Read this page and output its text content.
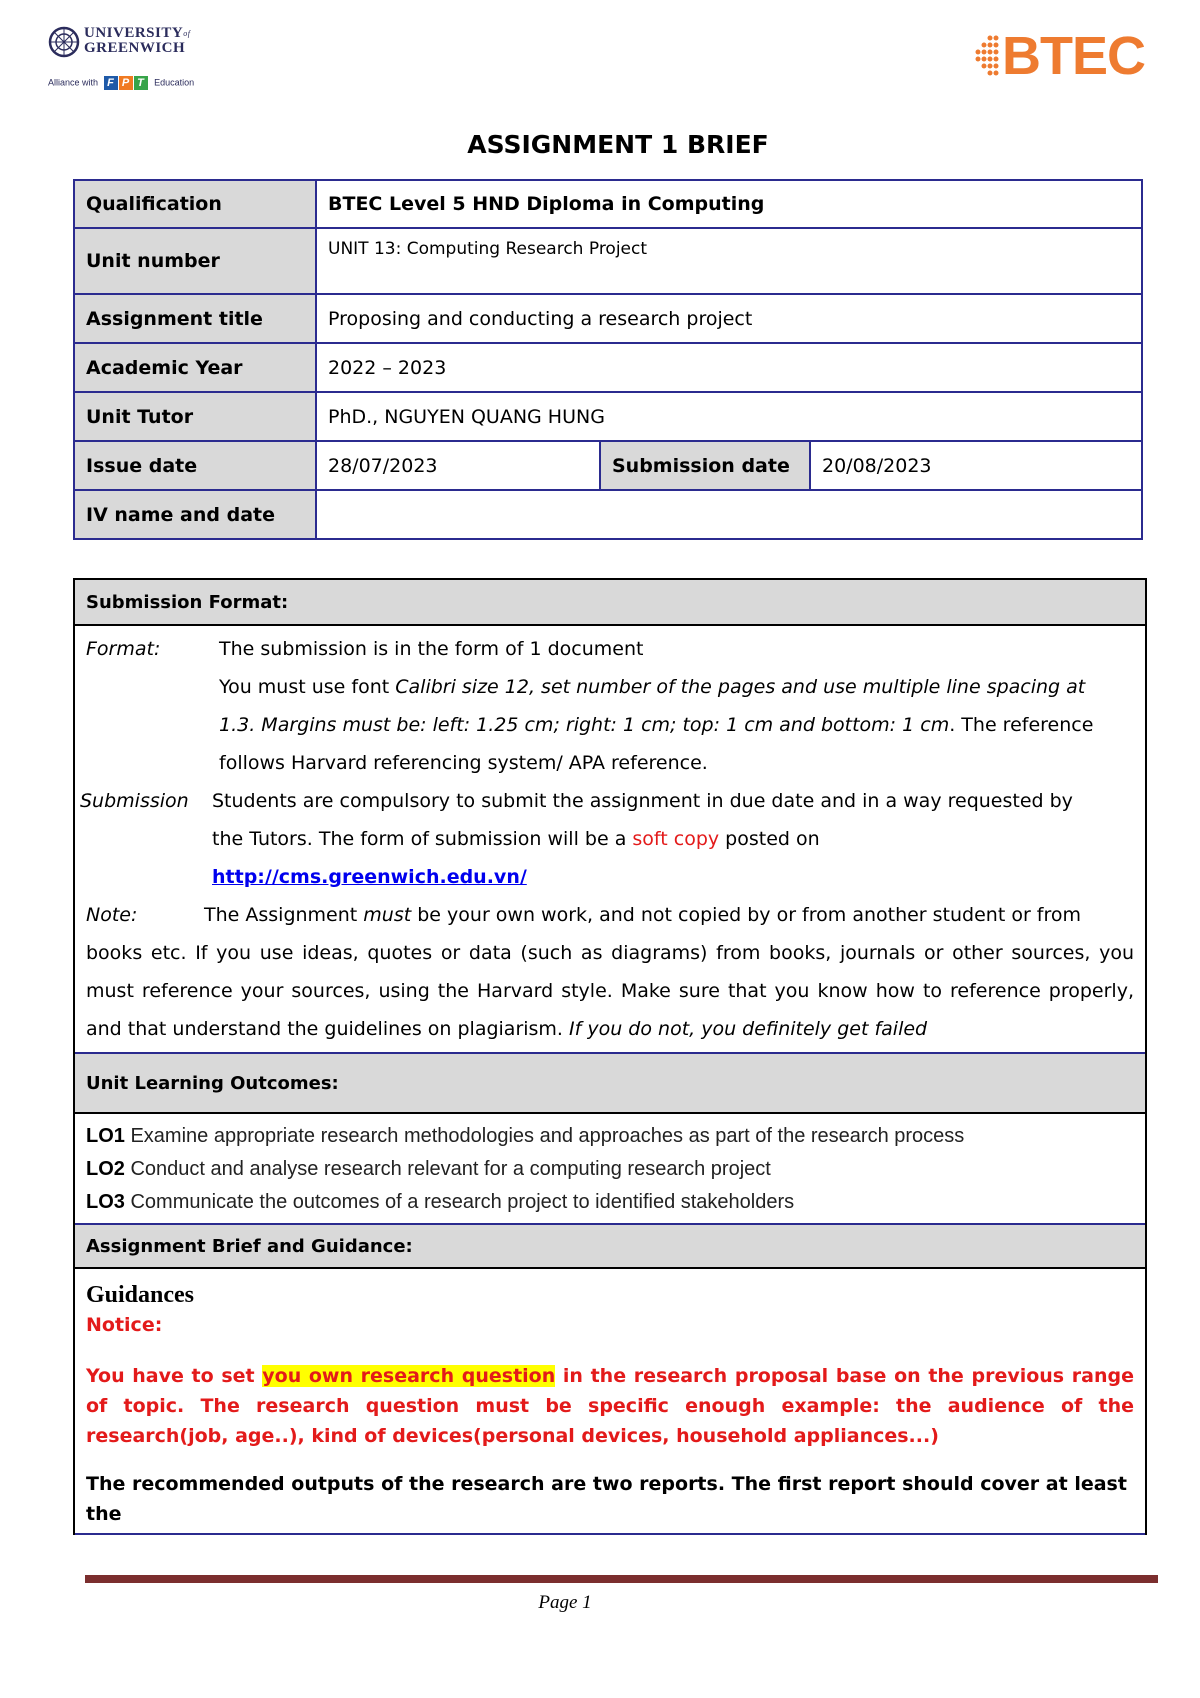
$UNIVERSITY^{of}$
GREENWICH
Alliance with F P T Education	BTEC
ASSIGNMENT 1 BRIEF
Qualification	BTEC Level 5 HND Diploma in Computing		
Unit number	UNIT 13: Computing Research Project		
Assignment title	Proposing and conducting a research project		
Academic Year	2022 – 2023		
Unit Tutor	PhD., NGUYEN QUANG HUNG		
Issue date	28/07/2023	Submission date	20/08/2023
IV name and date			
Submission Format:
Format:	The submission is in the form of 1 document
You must use font Calibri size 12, set number of the pages and use multiple line spacing at
1.3. Margins must be: left: 1.25 cm; right: 1 cm; top: 1 cm and bottom: 1 cm. The reference
follows Harvard referencing system/ APA reference.
Submission	Students are compulsory to submit the assignment in due date and in a way requested by
the Tutors. The form of submission will be a soft copy posted on
http://cms.greenwich.edu.vn/
Note:	The Assignment must be your own work, and not copied by or from another student or from
books etc. If you use ideas, quotes or data (such as diagrams) from books, journals or other sources, you must reference your sources, using the Harvard style. Make sure that you know how to reference properly, and that understand the guidelines on plagiarism. If you do not, you definitely get failed
Unit Learning Outcomes:
LO1 Examine appropriate research methodologies and approaches as part of the research process
LO2 Conduct and analyse research relevant for a computing research project
LO3 Communicate the outcomes of a research project to identified stakeholders
Assignment Brief and Guidance:
Guidances
Notice:
You have to set you own research question in the research proposal base on the previous range of topic. The research question must be specific enough example: the audience of the research(job, age..), kind of devices(personal devices, household appliances...)
The recommended outputs of the research are two reports. The first report should cover at least the
Page 1
